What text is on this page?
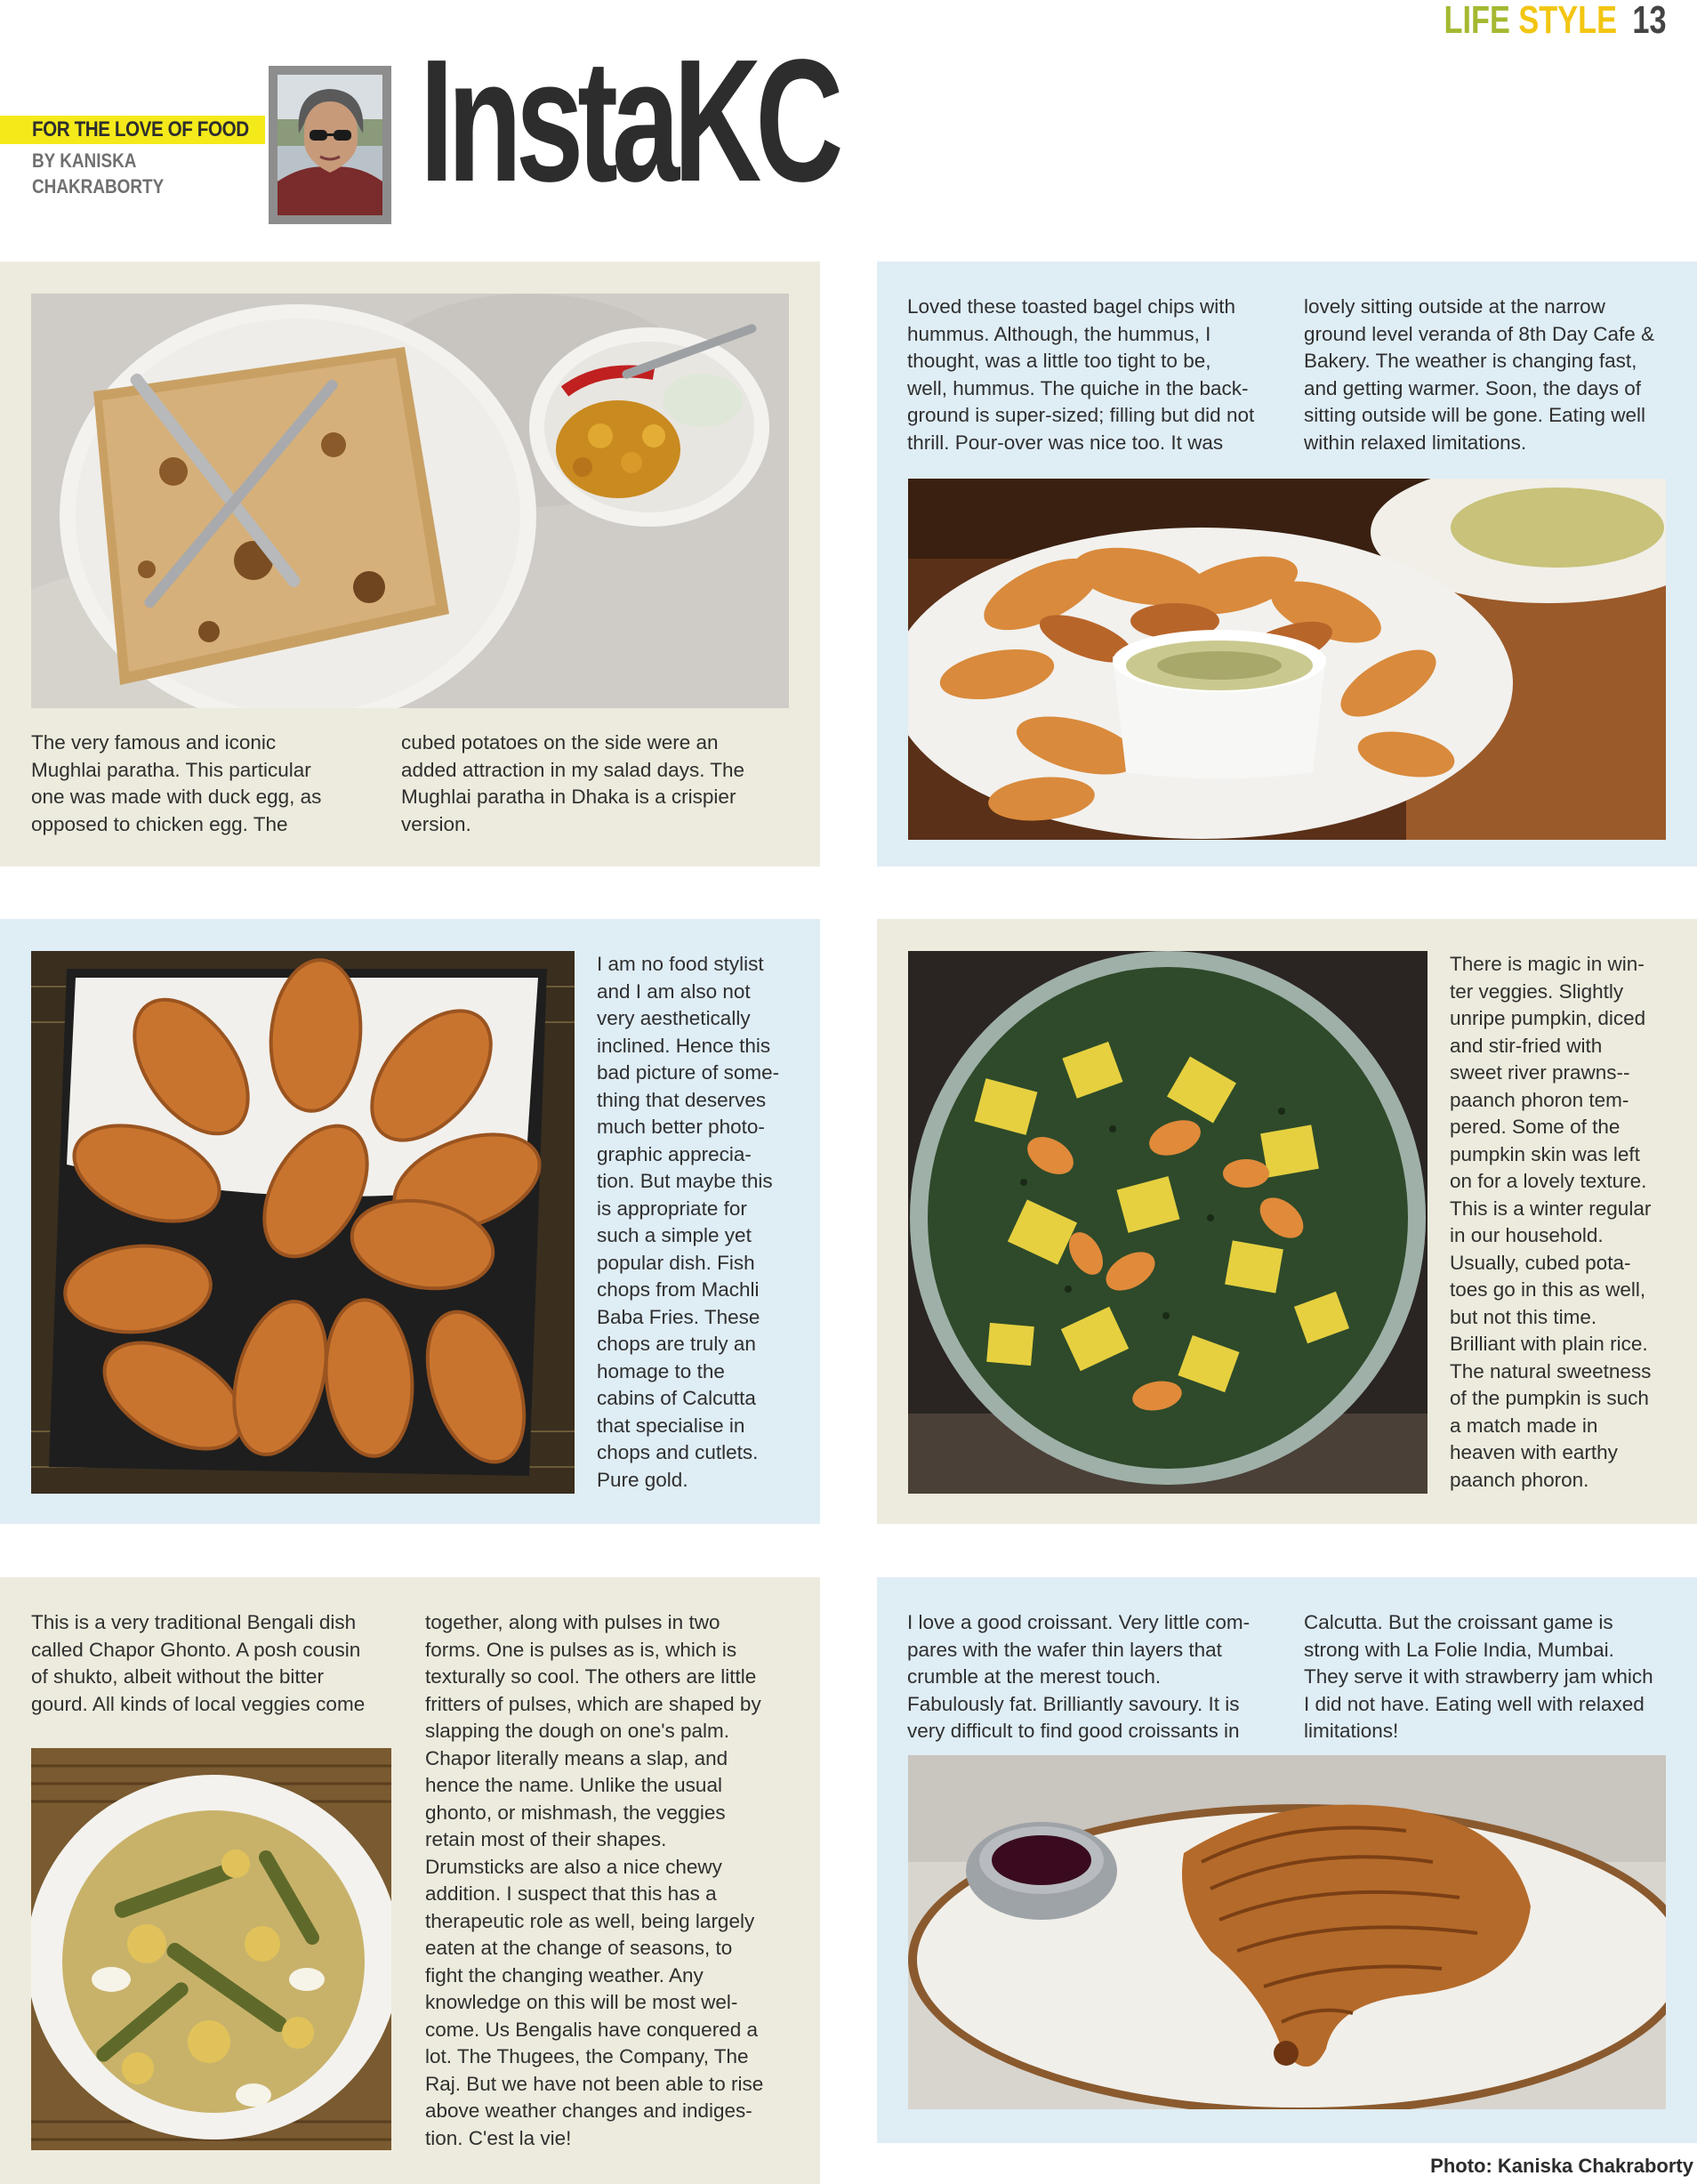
LIFE STYLE 13
FOR THE LOVE OF FOOD
BY KANISKA
CHAKRABORTY InstaKC
The very famous and iconic
Mughlai paratha. This particular
one was made with duck egg, as
opposed to chicken egg. The
cubed potatoes on the side were an
added attraction in my salad days. The
Mughlai paratha in Dhaka is a crispier
version.
Loved these toasted bagel chips with
hummus. Although, the hummus, I
thought, was a little too tight to be,
well, hummus. The quiche in the back-
ground is super-sized; filling but did not
thrill. Pour-over was nice too. It was
lovely sitting outside at the narrow
ground level veranda of 8th Day Cafe &
Bakery. The weather is changing fast,
and getting warmer. Soon, the days of
sitting outside will be gone. Eating well
within relaxed limitations.
I am no food stylist
and I am also not
very aesthetically
inclined. Hence this
bad picture of some-
thing that deserves
much better photo-
graphic apprecia-
tion. But maybe this
is appropriate for
such a simple yet
popular dish. Fish
chops from Machli
Baba Fries. These
chops are truly an
homage to the
cabins of Calcutta
that specialise in
chops and cutlets.
Pure gold.
There is magic in win-
ter veggies. Slightly
unripe pumpkin, diced
and stir-fried with
sweet river prawns--
paanch phoron tem-
pered. Some of the
pumpkin skin was left
on for a lovely texture.
This is a winter regular
in our household.
Usually, cubed pota-
toes go in this as well,
but not this time.
Brilliant with plain rice.
The natural sweetness
of the pumpkin is such
a match made in
heaven with earthy
paanch phoron.
This is a very traditional Bengali dish
called Chapor Ghonto. A posh cousin
of shukto, albeit without the bitter
gourd. All kinds of local veggies come
together, along with pulses in two
forms. One is pulses as is, which is
texturally so cool. The others are little
fritters of pulses, which are shaped by
slapping the dough on one's palm.
Chapor literally means a slap, and
hence the name. Unlike the usual
ghonto, or mishmash, the veggies
retain most of their shapes.
Drumsticks are also a nice chewy
addition. I suspect that this has a
therapeutic role as well, being largely
eaten at the change of seasons, to
fight the changing weather. Any
knowledge on this will be most wel-
come. Us Bengalis have conquered a
lot. The Thugees, the Company, The
Raj. But we have not been able to rise
above weather changes and indiges-
tion. C'est la vie!
I love a good croissant. Very little com-
pares with the wafer thin layers that
crumble at the merest touch.
Fabulously fat. Brilliantly savoury. It is
very difficult to find good croissants in
Calcutta. But the croissant game is
strong with La Folie India, Mumbai.
They serve it with strawberry jam which
I did not have. Eating well with relaxed
limitations!
Photo: Kaniska Chakraborty
